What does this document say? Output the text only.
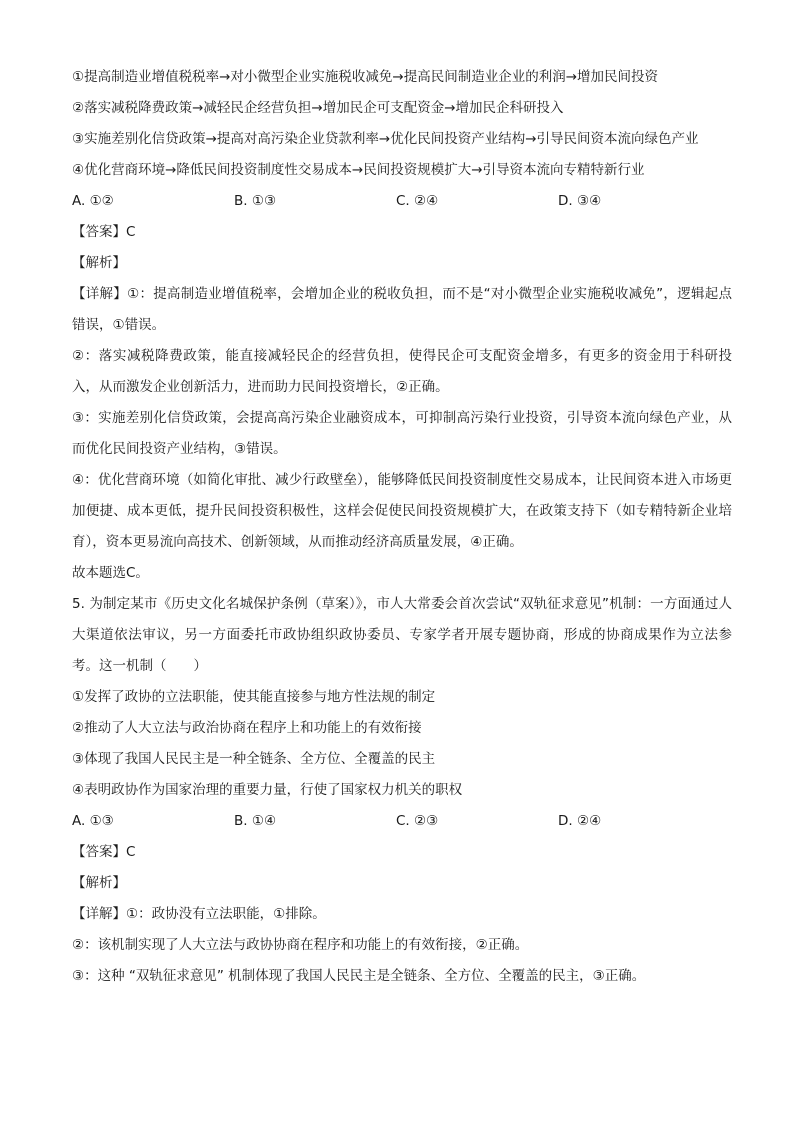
①提高制造业增值税税率→对小微型企业实施税收减免→提高民间制造业企业的利润→增加民间投资
②落实减税降费政策→减轻民企经营负担→增加民企可支配资金→增加民企科研投入
③实施差别化信贷政策→提高对高污染企业贷款利率→优化民间投资产业结构→引导民间资本流向绿色产业
④优化营商环境→降低民间投资制度性交易成本→民间投资规模扩大→引导资本流向专精特新行业
A. ①②	B. ①③	C. ②④	D. ③④
【答案】C
【解析】
【详解】①：提高制造业增值税率，会增加企业的税收负担，而不是“对小微型企业实施税收减免”，逻辑起点错误，①错误。
②：落实减税降费政策，能直接减轻民企的经营负担，使得民企可支配资金增多，有更多的资金用于科研投入，从而激发企业创新活力，进而助力民间投资增长，②正确。
③：实施差别化信贷政策，会提高高污染企业融资成本，可抑制高污染行业投资，引导资本流向绿色产业，从而优化民间投资产业结构，③错误。
④：优化营商环境（如简化审批、减少行政壁垒），能够降低民间投资制度性交易成本，让民间资本进入市场更加便捷、成本更低，提升民间投资积极性，这样会促使民间投资规模扩大，在政策支持下（如专精特新企业培育），资本更易流向高技术、创新领域，从而推动经济高质量发展，④正确。
故本题选C。
5. 为制定某市《历史文化名城保护条例（草案）》，市人大常委会首次尝试“双轨征求意见”机制：一方面通过人大渠道依法审议，另一方面委托市政协组织政协委员、专家学者开展专题协商，形成的协商成果作为立法参考。这一机制（　　）
①发挥了政协的立法职能，使其能直接参与地方性法规的制定
②推动了人大立法与政治协商在程序上和功能上的有效衔接
③体现了我国人民民主是一种全链条、全方位、全覆盖的民主
④表明政协作为国家治理的重要力量，行使了国家权力机关的职权
A. ①③	B. ①④	C. ②③	D. ②④
【答案】C
【解析】
【详解】①：政协没有立法职能，①排除。
②：该机制实现了人大立法与政协协商在程序和功能上的有效衔接，②正确。
③：这种 “双轨征求意见” 机制体现了我国人民民主是全链条、全方位、全覆盖的民主，③正确。
